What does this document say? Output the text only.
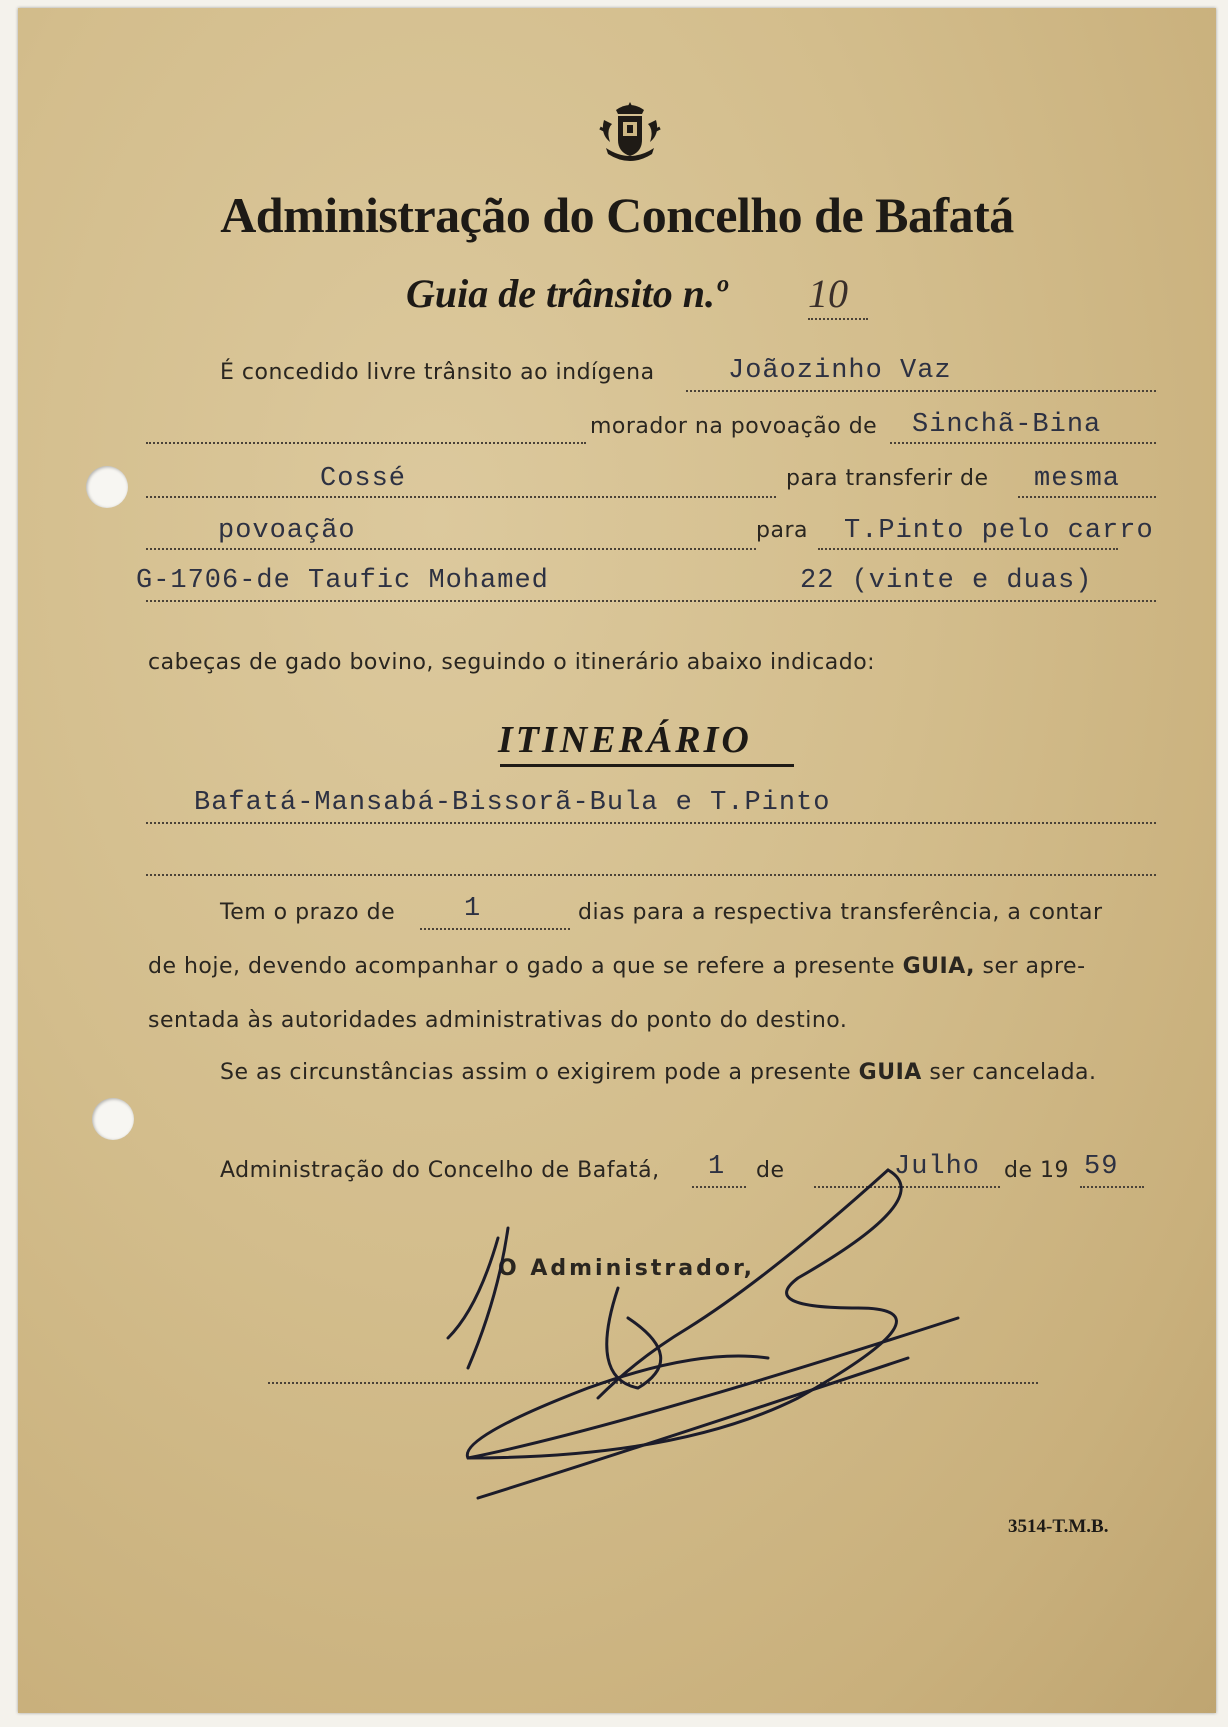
Administração do Concelho de Bafatá
Guia de trânsito n.º 10
É concedido livre trânsito ao indígena	Joãozinho Vaz
morador na povoação de Sinchã-Bina
Cossé	para transferir de mesma
povoação	para T.Pinto pelo carro
G-1706-de Taufic Mohamed	22 (vinte e duas)
cabeças de gado bovino, seguindo o itinerário abaixo indicado:
ITINERÁRIO
Bafatá-Mansabá-Bissorã-Bula e T.Pinto
Tem o prazo de	1	dias para a respectiva transferência, a contar
de hoje, devendo acompanhar o gado a que se refere a presente GUIA, ser apre-
sentada às autoridades administrativas do ponto do destino.
Se as circunstâncias assim o exigirem pode a presente GUIA ser cancelada.
Administração do Concelho de Bafatá, 1 de	Julho de 19 59
O Administrador,
3514-T.M.B.
